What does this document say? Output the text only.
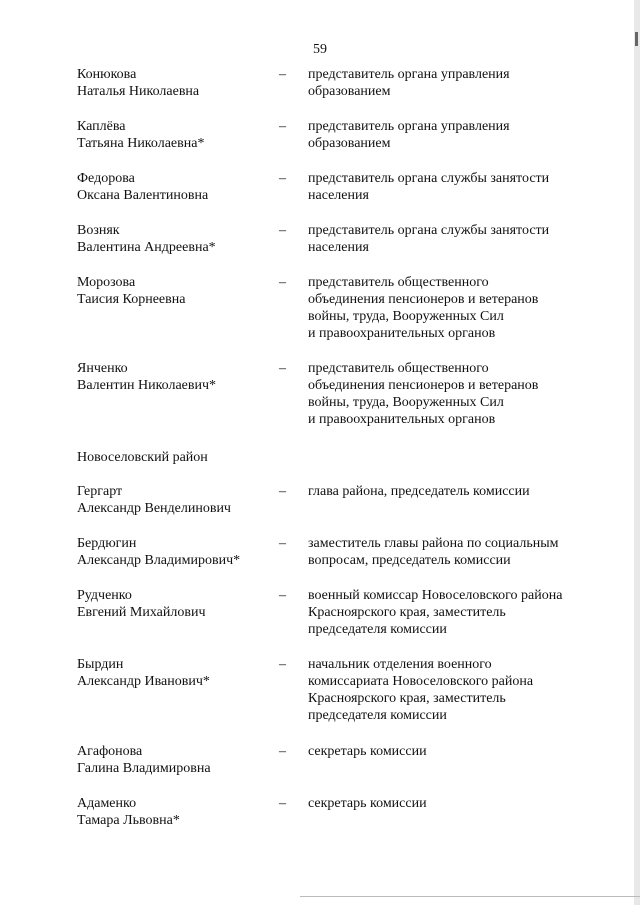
59
Конюкова
Наталья Николаевна
– представитель органа управления
образованием
Каплёва
Татьяна Николаевна*
– представитель органа управления
образованием
Федорова
Оксана Валентиновна
– представитель органа службы занятости
населения
Возняк
Валентина Андреевна*
– представитель органа службы занятости
населения
Морозова
Таисия Корнеевна
– представитель общественного
объединения пенсионеров и ветеранов
войны, труда, Вооруженных Сил
и правоохранительных органов
Янченко
Валентин Николаевич*
– представитель общественного
объединения пенсионеров и ветеранов
войны, труда, Вооруженных Сил
и правоохранительных органов
Новоселовский район
Гергарт
Александр Венделинович
– глава района, председатель комиссии
Бердюгин
Александр Владимирович*
– заместитель главы района по социальным
вопросам, председатель комиссии
Рудченко
Евгений Михайлович
– военный комиссар Новоселовского района
Красноярского края, заместитель
председателя комиссии
Бырдин
Александр Иванович*
– начальник отделения военного
комиссариата Новоселовского района
Красноярского края, заместитель
председателя комиссии
Агафонова
Галина Владимировна
– секретарь комиссии
Адаменко
Тамара Львовна*
– секретарь комиссии
